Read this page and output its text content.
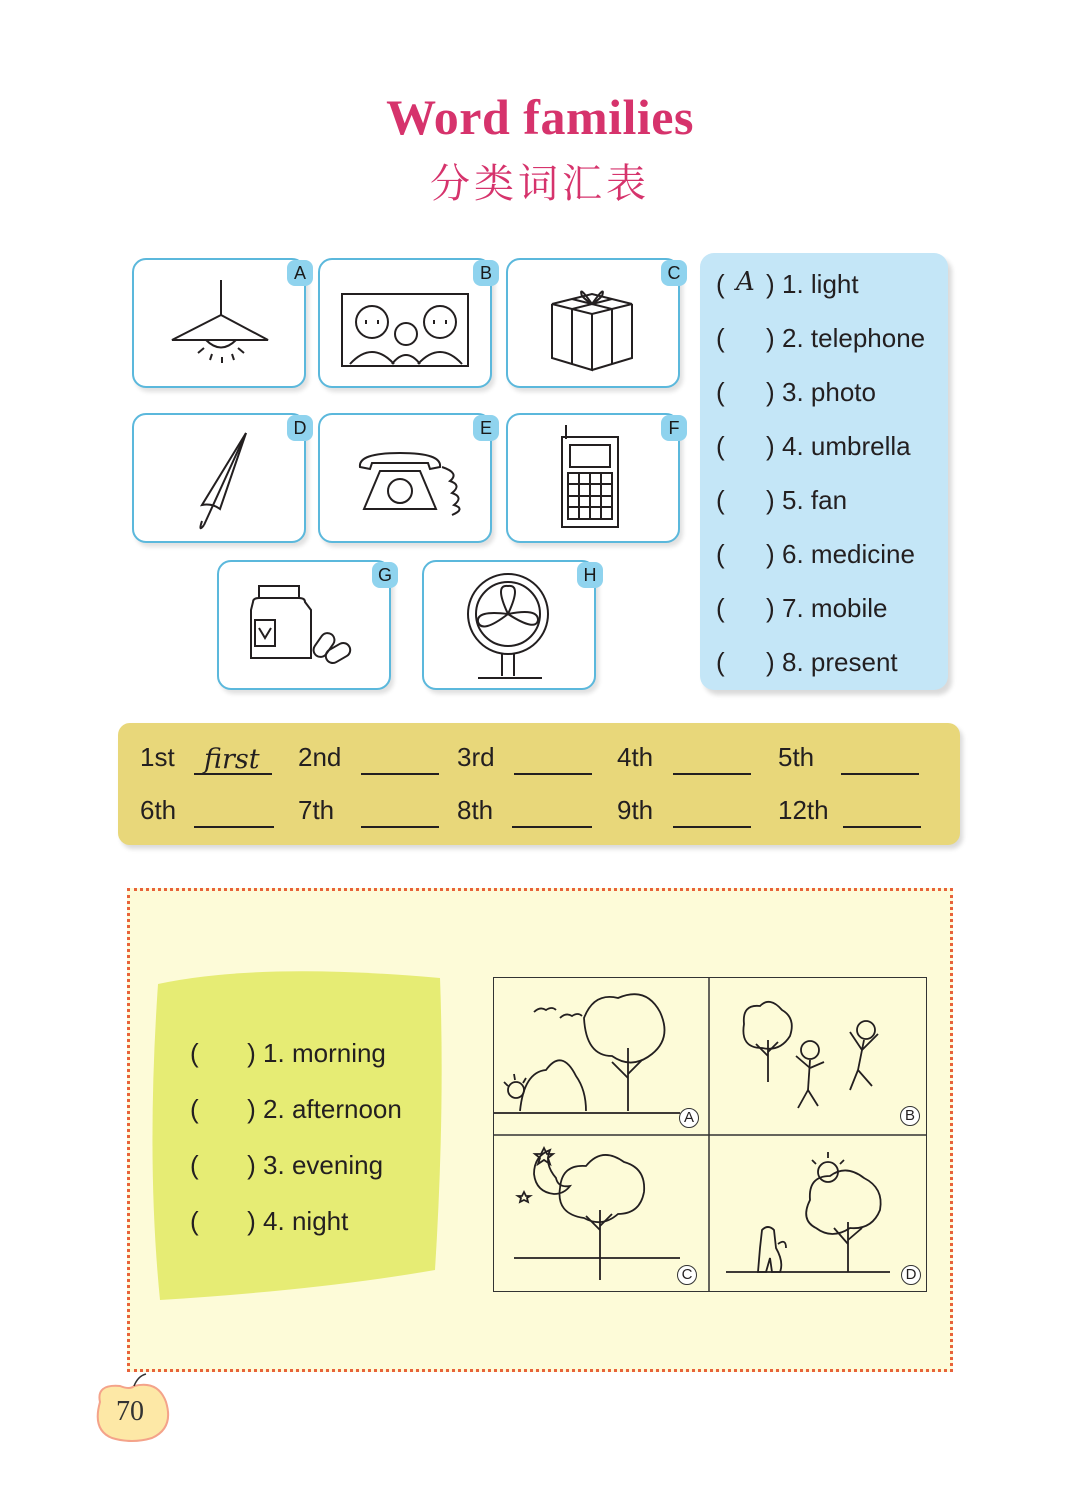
Word families
分类词汇表
A	B	C
D	E	F
G	H
( A ) 1. light
( ) 2. telephone
( ) 3. photo
( ) 4. umbrella
( ) 5. fan
( ) 6. medicine
( ) 7. mobile
( ) 8. present
1st first 2nd	3rd	4th	5th
6th	7th	8th	9th	12th
( ) 1. morning
( ) 2. afternoon
( ) 3. evening
( ) 4. night
A	B
C	D
70
